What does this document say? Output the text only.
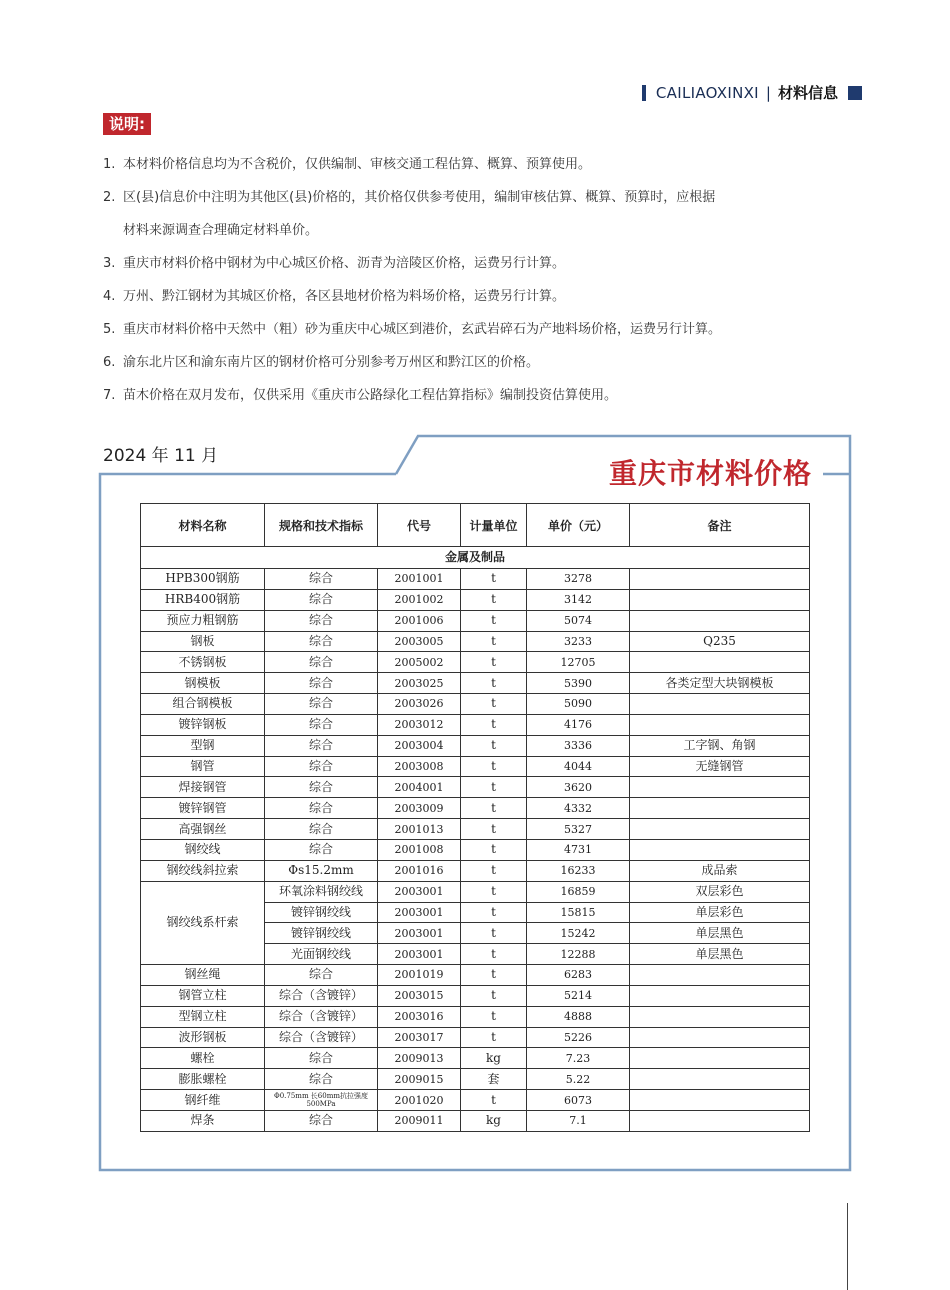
CAILIAOXINXI | 材料信息
说明:
1. 本材料价格信息均为不含税价，仅供编制、审核交通工程估算、概算、预算使用。
2. 区(县)信息价中注明为其他区(县)价格的，其价格仅供参考使用，编制审核估算、概算、预算时，应根据
材料来源调查合理确定材料单价。
3. 重庆市材料价格中钢材为中心城区价格、沥青为涪陵区价格，运费另行计算。
4. 万州、黔江钢材为其城区价格，各区县地材价格为料场价格，运费另行计算。
5. 重庆市材料价格中天然中（粗）砂为重庆中心城区到港价，玄武岩碎石为产地料场价格，运费另行计算。
6. 渝东北片区和渝东南片区的钢材价格可分别参考万州区和黔江区的价格。
7. 苗木价格在双月发布，仅供采用《重庆市公路绿化工程估算指标》编制投资估算使用。
2024 年 11 月
重庆市材料价格
材料名称	规格和技术指标	代号	计量单位	单价（元）	备注
金属及制品					
HPB300钢筋	综合	2001001	t	3278	
HRB400钢筋	综合	2001002	t	3142	
预应力粗钢筋	综合	2001006	t	5074	
钢板	综合	2003005	t	3233	Q235
不锈钢板	综合	2005002	t	12705	
钢模板	综合	2003025	t	5390	各类定型大块钢模板
组合钢模板	综合	2003026	t	5090	
镀锌钢板	综合	2003012	t	4176	
型钢	综合	2003004	t	3336	工字钢、角钢
钢管	综合	2003008	t	4044	无缝钢管
焊接钢管	综合	2004001	t	3620	
镀锌钢管	综合	2003009	t	4332	
高强钢丝	综合	2001013	t	5327	
钢绞线	综合	2001008	t	4731	
钢绞线斜拉索	Φs15.2mm	2001016	t	16233	成品索
钢绞线系杆索	环氧涂料钢绞线	2003001	t	16859	双层彩色
	镀锌钢绞线	2003001	t	15815	单层彩色
	镀锌钢绞线	2003001	t	15242	单层黑色
	光面钢绞线	2003001	t	12288	单层黑色
钢丝绳	综合	2001019	t	6283	
钢管立柱	综合（含镀锌）	2003015	t	5214	
型钢立柱	综合（含镀锌）	2003016	t	4888	
波形钢板	综合（含镀锌）	2003017	t	5226	
螺栓	综合	2009013	kg	7.23	
膨胀螺栓	综合	2009015	套	5.22	
钢纤维	Φ0.75mm 长60mm抗拉强度500MPa	2001020	t	6073	
焊条	综合	2009011	kg	7.1	
